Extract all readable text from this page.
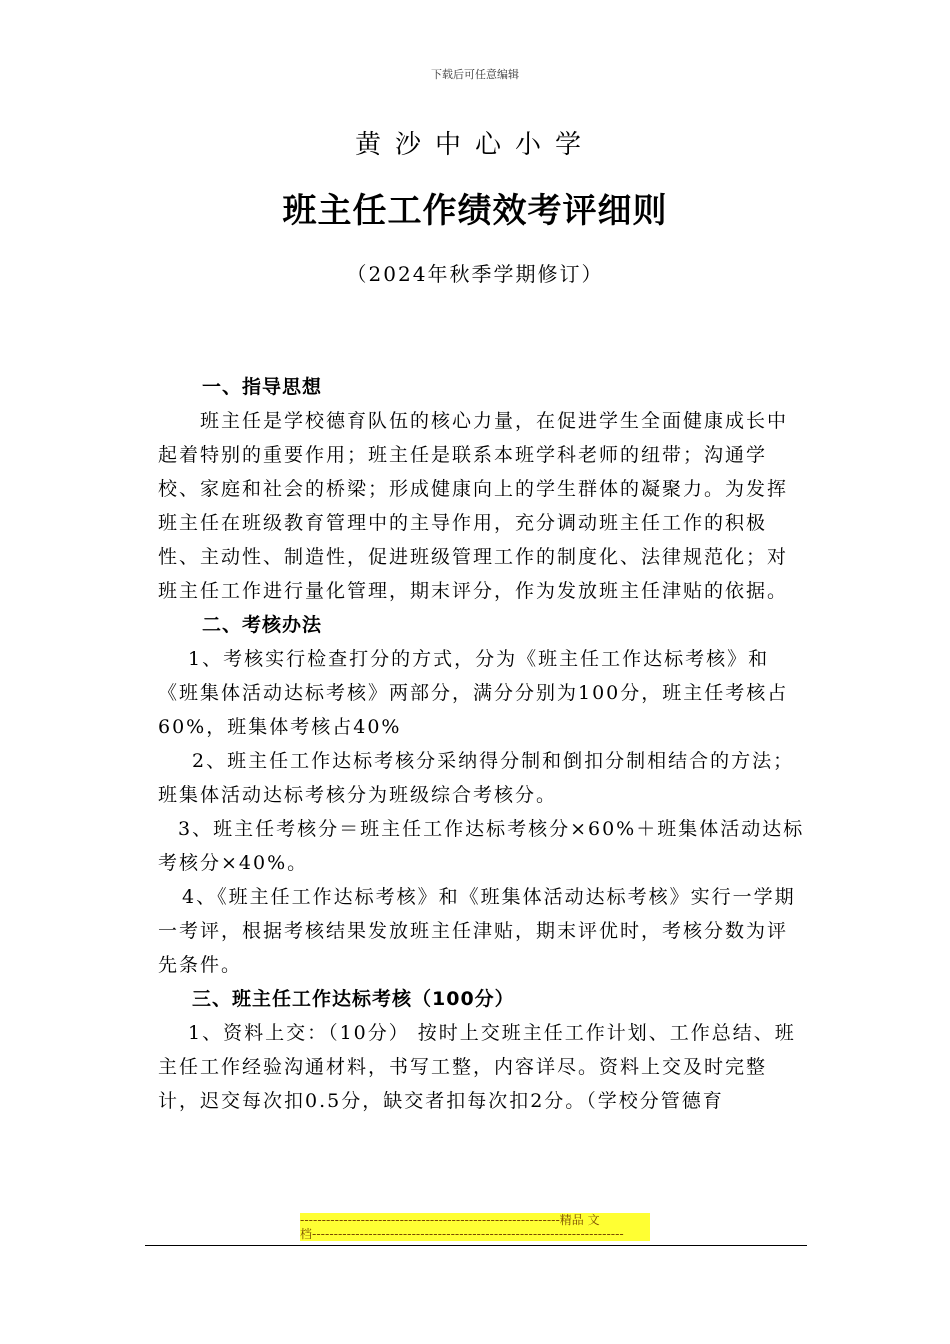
下载后可任意编辑
黄沙中心小学
班主任工作绩效考评细则
（2024年秋季学期修订）
一、指导思想
班主任是学校德育队伍的核心力量，在促进学生全面健康成长中起着特别的重要作用；班主任是联系本班学科老师的纽带；沟通学校、家庭和社会的桥梁；形成健康向上的学生群体的凝聚力。为发挥班主任在班级教育管理中的主导作用，充分调动班主任工作的积极性、主动性、制造性，促进班级管理工作的制度化、法律规范化；对班主任工作进行量化管理，期末评分，作为发放班主任津贴的依据。
二、考核办法
1、考核实行检查打分的方式，分为《班主任工作达标考核》和《班集体活动达标考核》两部分，满分分别为100分，班主任考核占60%，班集体考核占40%
2、班主任工作达标考核分采纳得分制和倒扣分制相结合的方法；班集体活动达标考核分为班级综合考核分。
3、班主任考核分＝班主任工作达标考核分×60%＋班集体活动达标考核分×40%。
4、《班主任工作达标考核》和《班集体活动达标考核》实行一学期一考评，根据考核结果发放班主任津贴，期末评优时，考核分数为评先条件。
三、班主任工作达标考核（100分）
1、资料上交：（10分） 按时上交班主任工作计划、工作总结、班主任工作经验沟通材料，书写工整，内容详尽。资料上交及时完整计，迟交每次扣0.5分，缺交者扣每次扣2分。（学校分管德育
------------------------------------------------------------精品 文
档------------------------------------------------------------------------
